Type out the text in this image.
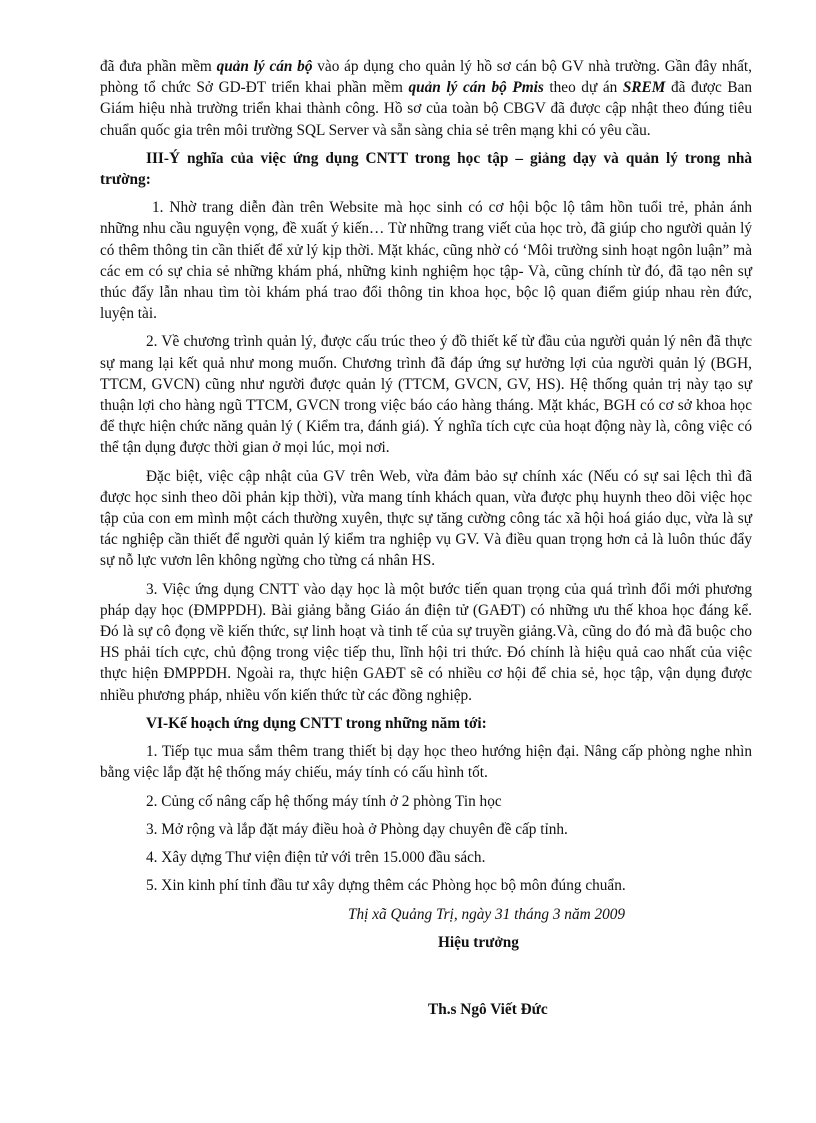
đã đưa phần mềm quản lý cán bộ vào áp dụng cho quản lý hồ sơ cán bộ GV nhà trường. Gần đây nhất, phòng tổ chức Sở GD-ĐT triển khai phần mềm quản lý cán bộ Pmis theo dự án SREM đã được Ban Giám hiệu nhà trường triển khai thành công. Hồ sơ của toàn bộ CBGV đã được cập nhật theo đúng tiêu chuẩn quốc gia trên môi trường SQL Server và sẵn sàng chia sẻ trên mạng khi có yêu cầu.

III-Ý nghĩa của việc ứng dụng CNTT trong học tập – giảng dạy và quản lý trong nhà trường:

1. Nhờ trang diễn đàn trên Website mà học sinh có cơ hội bộc lộ tâm hồn tuổi trẻ, phản ánh những nhu cầu nguyện vọng, đề xuất ý kiến… Từ những trang viết của học trò, đã giúp cho người quản lý có thêm thông tin cần thiết để xử lý kịp thời. Mặt khác, cũng nhờ có ‘Môi trường sinh hoạt ngôn luận” mà các em có sự chia sẻ những khám phá, những kinh nghiệm học tập- Và, cũng chính từ đó, đã tạo nên sự thúc đẩy lẫn nhau tìm tòi khám phá trao đổi thông tin khoa học, bộc lộ quan điểm giúp nhau rèn đức, luyện tài.

2. Về chương trình quản lý, được cấu trúc theo ý đồ thiết kế từ đầu của người quản lý nên đã thực sự mang lại kết quả như mong muốn. Chương trình đã đáp ứng sự hưởng lợi của người quản lý (BGH, TTCM, GVCN) cũng như người được quản lý (TTCM, GVCN, GV, HS). Hệ thống quản trị này tạo sự thuận lợi cho hàng ngũ TTCM, GVCN trong việc báo cáo hàng tháng. Mặt khác, BGH có cơ sở khoa học để thực hiện chức năng quản lý ( Kiểm tra, đánh giá). Ý nghĩa tích cực của hoạt động này là, công việc có thể tận dụng được thời gian ở mọi lúc, mọi nơi.

Đặc biệt, việc cập nhật của GV trên Web, vừa đảm bảo sự chính xác (Nếu có sự sai lệch thì đã được học sinh theo dõi phản kịp thời), vừa mang tính khách quan, vừa được phụ huynh theo dõi việc học tập của con em mình một cách thường xuyên, thực sự tăng cường công tác xã hội hoá giáo dục, vừa là sự tác nghiệp cần thiết để người quản lý kiểm tra nghiệp vụ GV. Và điều quan trọng hơn cả là luôn thúc đẩy sự nỗ lực vươn lên không ngừng cho từng cá nhân HS.

3. Việc ứng dụng CNTT vào dạy học là một bước tiến quan trọng của quá trình đổi mới phương pháp dạy học (ĐMPPDH). Bài giảng bằng Giáo án điện tử (GAĐT) có những ưu thế khoa học đáng kể. Đó là sự cô đọng về kiến thức, sự linh hoạt và tinh tế của sự truyền giảng.Và, cũng do đó mà đã buộc cho HS phải tích cực, chủ động trong việc tiếp thu, lĩnh hội tri thức. Đó chính là hiệu quả cao nhất của việc thực hiện ĐMPPDH. Ngoài ra, thực hiện GAĐT sẽ có nhiều cơ hội để chia sẻ, học tập, vận dụng được nhiều phương pháp, nhiều vốn kiến thức từ các đồng nghiệp.

VI-Kế hoạch ứng dụng CNTT trong những năm tới:

1. Tiếp tục mua sắm thêm trang thiết bị dạy học theo hướng hiện đại. Nâng cấp phòng nghe nhìn bằng việc lắp đặt hệ thống máy chiếu, máy tính có cấu hình tốt.

2. Củng cố nâng cấp hệ thống máy tính ở 2 phòng Tin học

3. Mở rộng và lắp đặt máy điều hoà ở Phòng dạy chuyên đề cấp tỉnh.

4. Xây dựng Thư viện điện tử với trên 15.000 đầu sách.

5. Xin kinh phí tỉnh đầu tư xây dựng thêm các Phòng học bộ môn đúng chuẩn.

Thị xã Quảng Trị, ngày 31 tháng 3 năm 2009

Hiệu trưởng

Th.s Ngô Viết Đức
